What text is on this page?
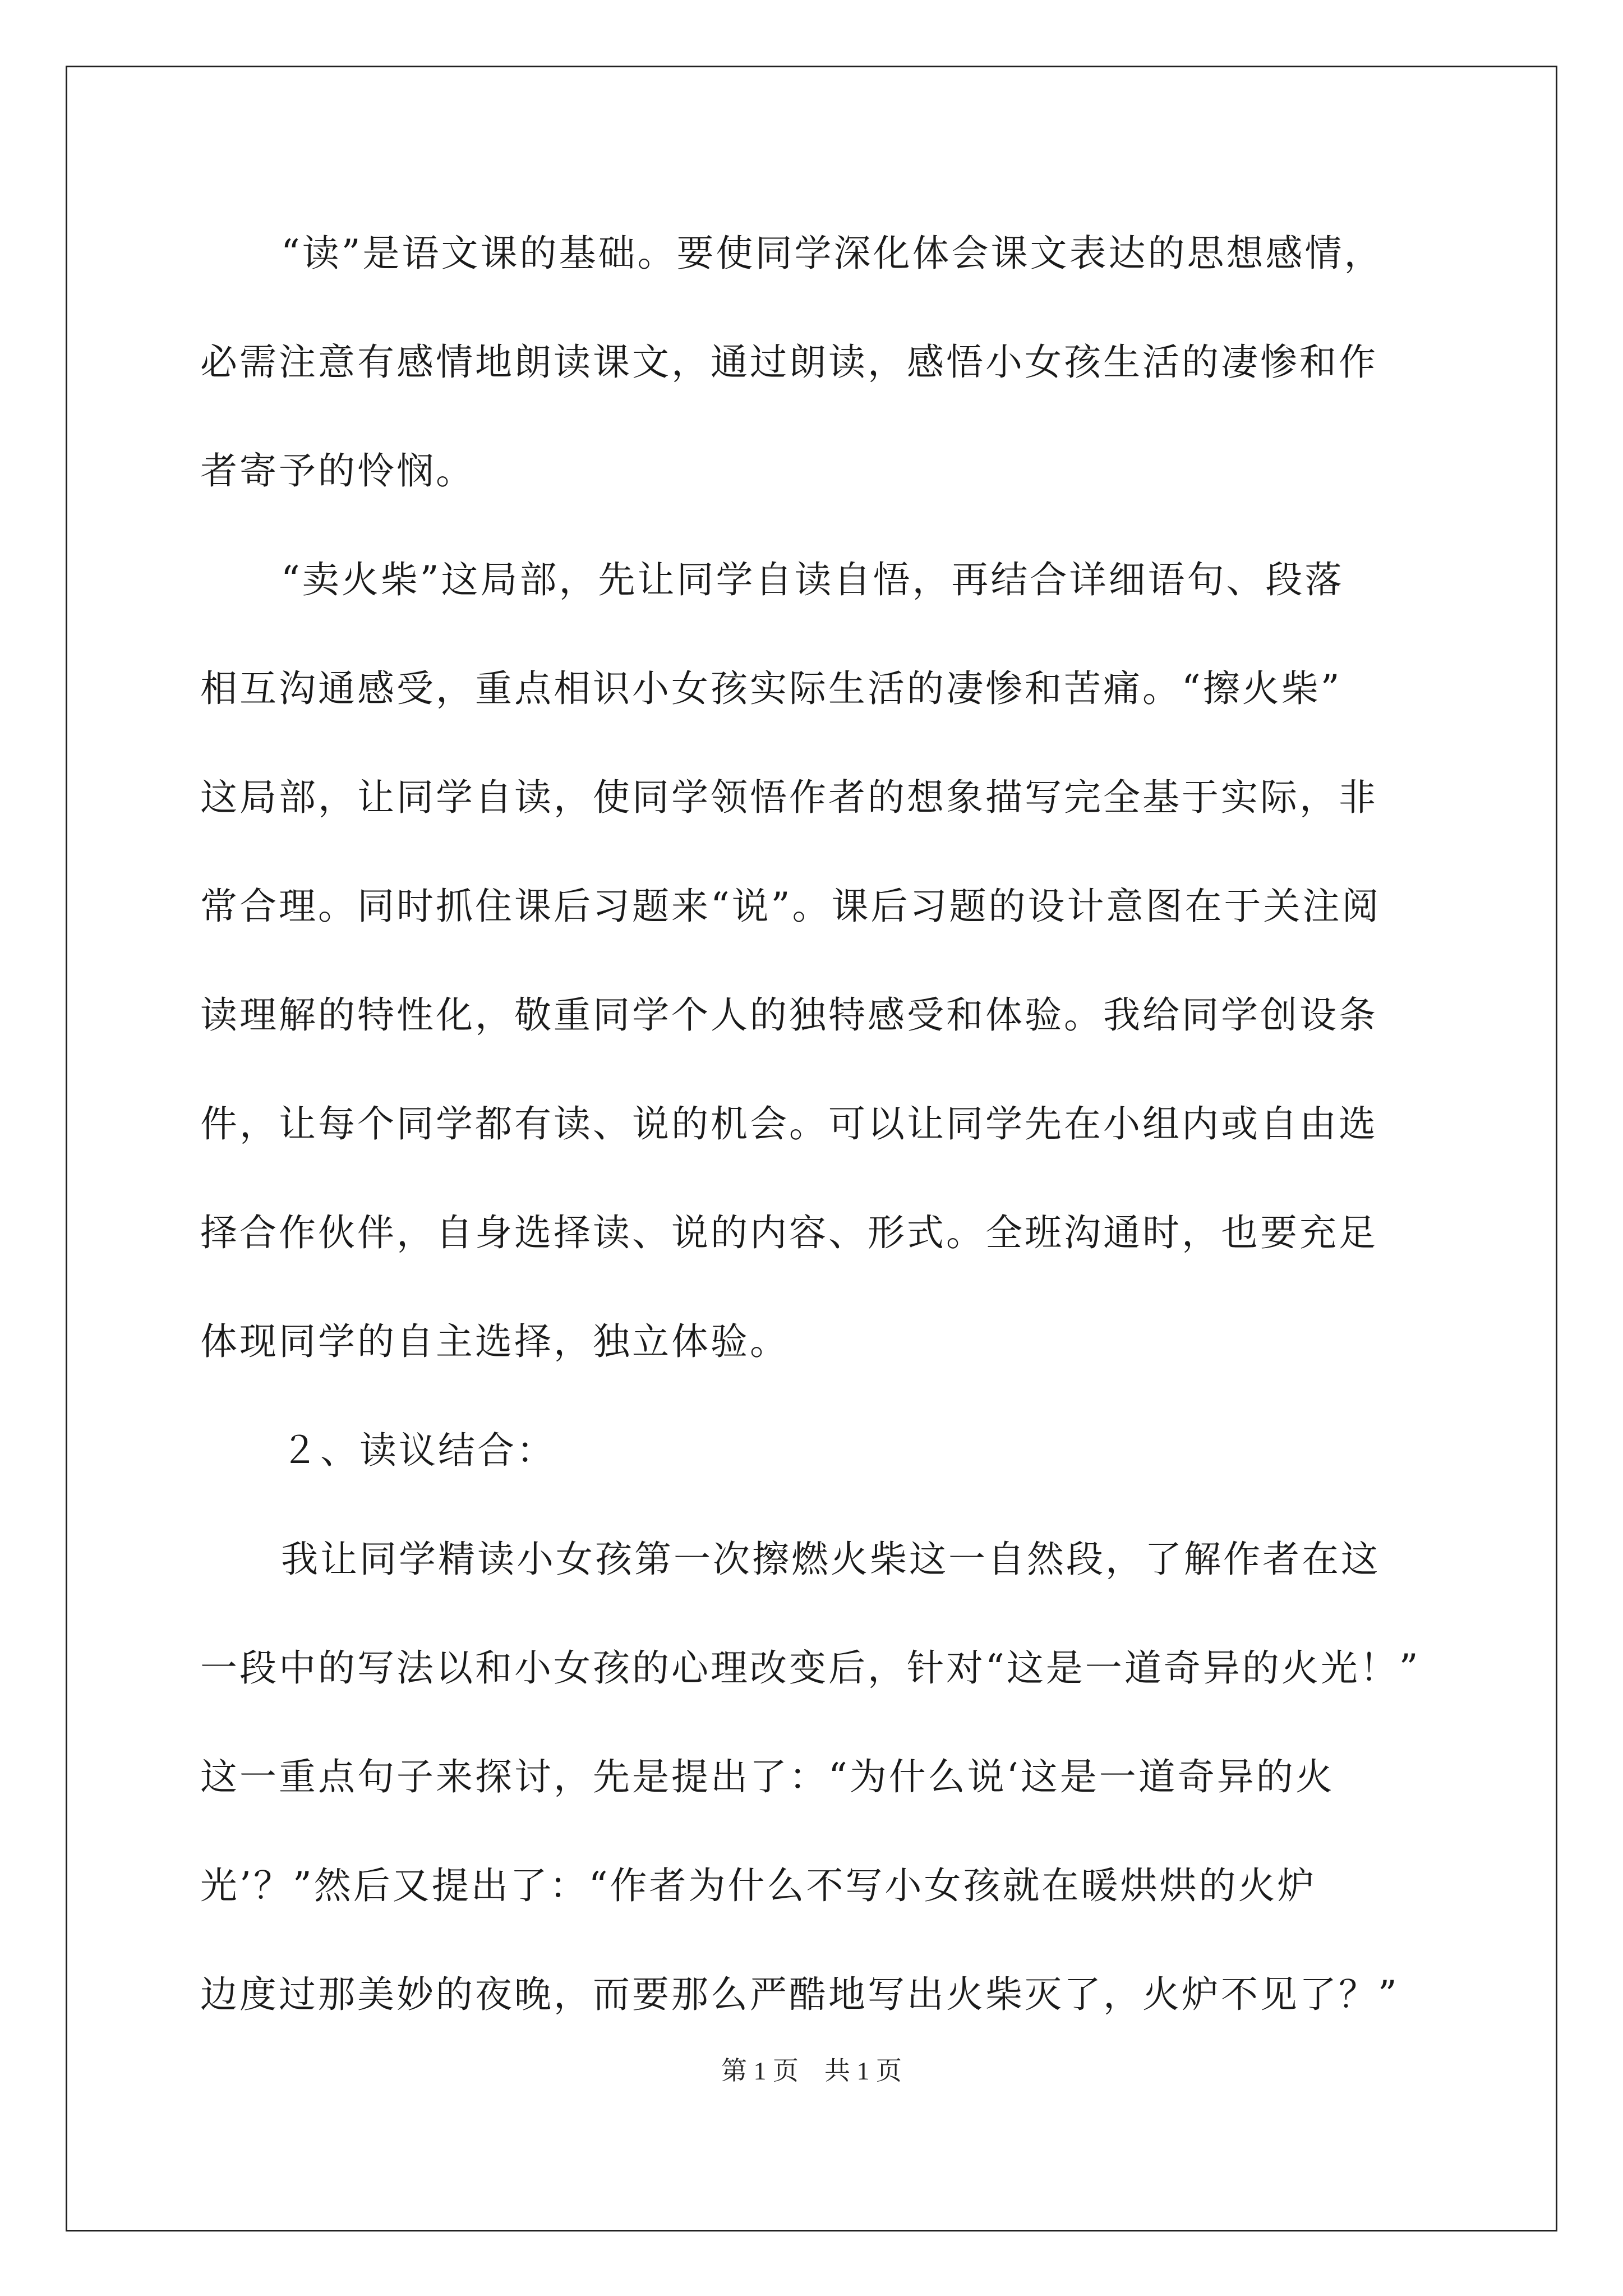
“读”是语文课的基础。要使同学深化体会课文表达的思想感情，
必需注意有感情地朗读课文，通过朗读，感悟小女孩生活的凄惨和作
者寄予的怜悯。
“卖火柴”这局部，先让同学自读自悟，再结合详细语句、段落
相互沟通感受，重点相识小女孩实际生活的凄惨和苦痛。“擦火柴”
这局部，让同学自读，使同学领悟作者的想象描写完全基于实际，非
常合理。同时抓住课后习题来“说”。课后习题的设计意图在于关注阅
读理解的特性化，敬重同学个人的独特感受和体验。我给同学创设条
件，让每个同学都有读、说的机会。可以让同学先在小组内或自由选
择合作伙伴，自身选择读、说的内容、形式。全班沟通时，也要充足
体现同学的自主选择，独立体验。
２、读议结合：
我让同学精读小女孩第一次擦燃火柴这一自然段，了解作者在这
一段中的写法以和小女孩的心理改变后，针对“这是一道奇异的火光！”
这一重点句子来探讨，先是提出了：“为什么说‘这是一道奇异的火
光’？”然后又提出了：“作者为什么不写小女孩就在暖烘烘的火炉
边度过那美妙的夜晚，而要那么严酷地写出火柴灭了，火炉不见了？”
第 1 页　共 1 页
